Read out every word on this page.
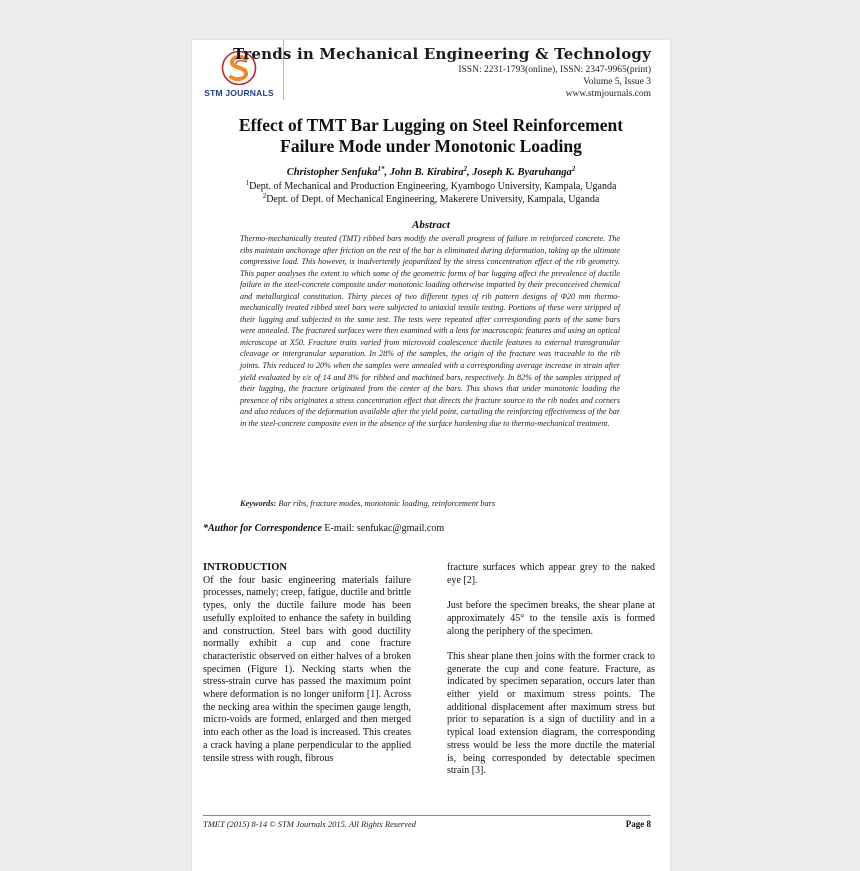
STM JOURNALS
Trends in Mechanical Engineering & Technology
ISSN: 2231-1793(online), ISSN: 2347-9965(print)
Volume 5, Issue 3
www.stmjournals.com
Effect of TMT Bar Lugging on Steel Reinforcement
Failure Mode under Monotonic Loading
Christopher Senfuka$^{1*}$, John B. Kirabira$^2$, Joseph K. Byaruhanga$^2$
$^1$Dept. of Mechanical and Production Engineering, Kyambogo University, Kampala, Uganda
$^2$Dept. of Dept. of Mechanical Engineering, Makerere University, Kampala, Uganda
Abstract
Thermo-mechanically treated (TMT) ribbed bars modify the overall progress of failure in reinforced concrete. The ribs maintain anchorage after friction on the rest of the bar is eliminated during deformation, taking up the ultimate compressive load. This however, is inadvertently jeopardized by the stress concentration effect of the rib geometry. This paper analyses the extent to which some of the geometric forms of bar lugging affect the prevalence of ductile failure in the steel-concrete composite under monotonic loading otherwise imparted by their preconceived chemical and metallurgical constitution. Thirty pieces of two different types of rib pattern designs of Φ20 mm thermo-mechanically treated ribbed steel bars were subjected to uniaxial tensile testing. Portions of these were stripped of their lugging and subjected to the same test. The tests were repeated after corresponding parts of the same bars were annealed. The fractured surfaces were then examined with a lens for macroscopic features and using an optical microscope at X50. Fracture traits varied from microvoid coalescence ductile features to external transgranular cleavage or intergranular separation. In 28% of the samples, the origin of the fracture was traceable to the rib joints. This reduced to 20% when the samples were annealed with a corresponding average increase in strain after yield evaluated by ε/ε of 14 and 8% for ribbed and machined bars, respectively. In 82% of the samples stripped of their lugging, the fracture originated from the center of the bars. This shows that under monotonic loading the presence of ribs originates a stress concentration effect that directs the fracture source to the rib nodes and corners and also reduces of the deformation available after the yield point, curtailing the reinforcing effectiveness of the bar in the steel-concrete composite even in the absence of the surface hardening due to thermo-mechanical treatment.
Keywords: Bar ribs, fracture modes, monotonic loading, reinforcement bars
*Author for Correspondence E-mail: senfukac@gmail.com

INTRODUCTION

Of the four basic engineering materials failure processes, namely; creep, fatigue, ductile and brittle types, only the ductile failure mode has been usefully exploited to enhance the safety in building and construction. Steel bars with good ductility normally exhibit a cup and cone fracture characteristic observed on either halves of a broken specimen (Figure 1). Necking starts when the stress-strain curve has passed the maximum point where deformation is no longer uniform [1]. Across the necking area within the specimen gauge length, micro-voids are formed, enlarged and then merged into each other as the load is increased. This creates a crack having a plane perpendicular to the applied tensile stress with rough, fibrous

fracture surfaces which appear grey to the naked eye [2].

Just before the specimen breaks, the shear plane at approximately 45° to the tensile axis is formed along the periphery of the specimen.

This shear plane then joins with the former crack to generate the cup and cone feature. Fracture, as indicated by specimen separation, occurs later than either yield or maximum stress points. The additional displacement after maximum stress but prior to separation is a sign of ductility and in a typical load extension diagram, the corresponding stress would be less the more ductile the material is, being corresponded by detectable specimen strain [3].

TMET (2015) 8-14 © STM Journals 2015. All Rights Reserved	Page 8
